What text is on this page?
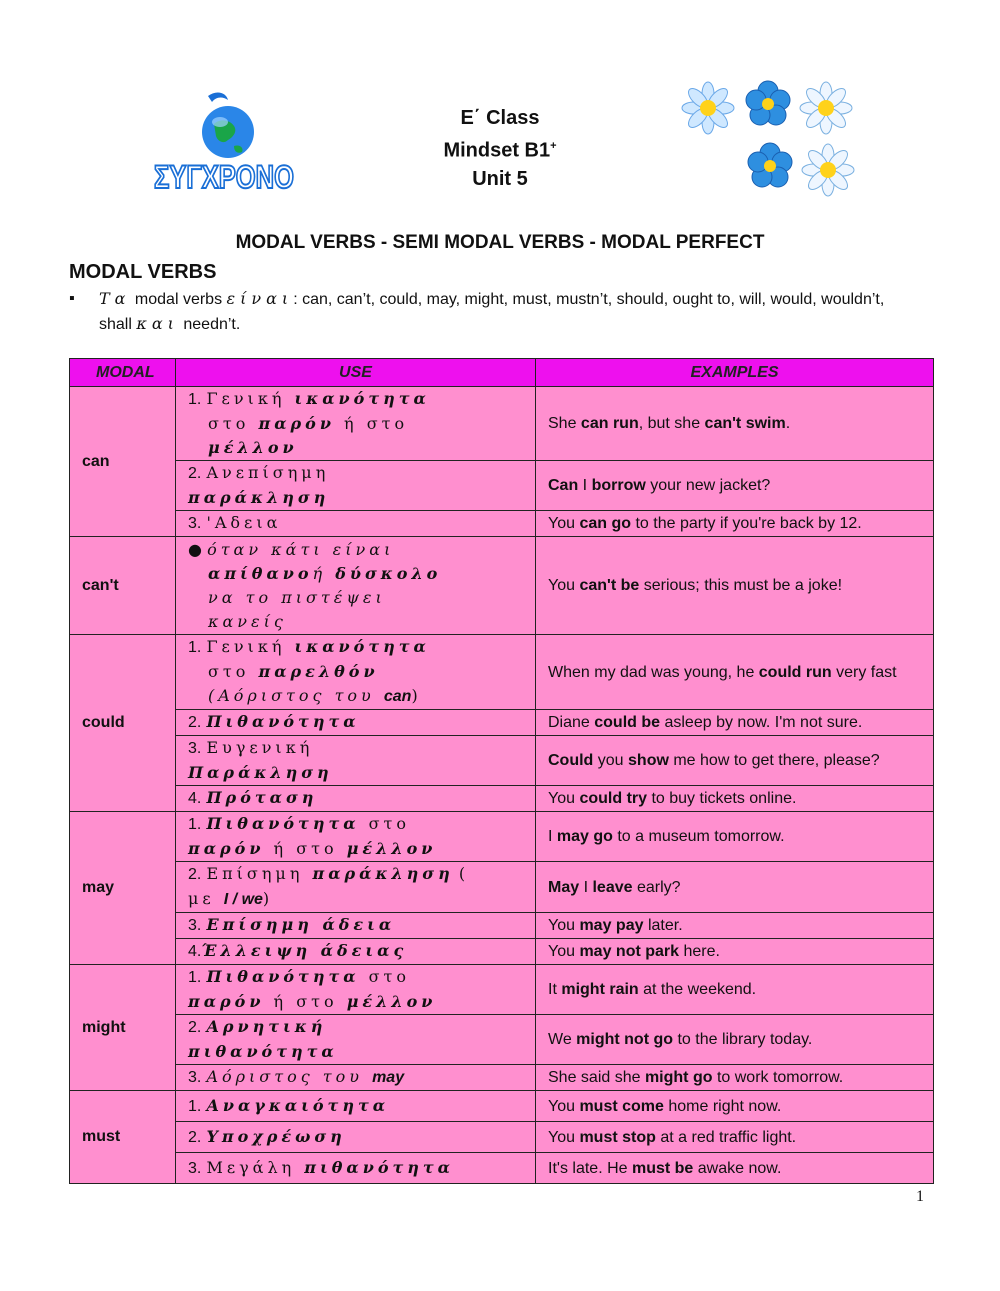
ΣΥΓΧΡΟΝΟ
E΄ Class
Mindset B1+
Unit 5
MODAL VERBS - SEMI MODAL VERBS - MODAL PERFECT
MODAL VERBS
▪ Τα modal verbs είναι: can, can’t, could, may, might, must, mustn’t, should, ought to, will, would, wouldn’t, shall και needn’t.
MODAL	USE	EXAMPLES
can	1. Γενική ικανότητα
στο παρόν ή στο
μέλλον	She can run, but she can't swim.
	2. Ανεπίσημη
παράκληση	Can I borrow your new jacket?
	3. 'Αδεια	You can go to the party if you're back by 12.
can't	● όταν κάτι είναι
απίθανοή δύσκολο
να το πιστέψει
κανείς	You can't be serious; this must be a joke!
could	1. Γενική ικανότητα
στο παρελθόν
(Αόριστος του can)	When my dad was young, he could run very fast
	2. Πιθανότητα	Diane could be asleep by now. I'm not sure.
	3. Ευγενική
Παράκληση	Could you show me how to get there, please?
	4. Πρόταση	You could try to buy tickets online.
may	1. Πιθανότητα στο
παρόν ή στο μέλλον	I may go to a museum tomorrow.
	2. Επίσημη παράκληση (
με I / we)	May I leave early?
	3. Επίσημη άδεια	You may pay later.
	4.Έλλειψη άδειας	You may not park here.
might	1. Πιθανότητα στο
παρόν ή στο μέλλον	It might rain at the weekend.
	2. Αρνητική
πιθανότητα	We might not go to the library today.
	3. Αόριστος του may	She said she might go to work tomorrow.
must	1. Αναγκαιότητα	You must come home right now.
	2. Υποχρέωση	You must stop at a red traffic light.
	3. Μεγάλη πιθανότητα	It's late. He must be awake now.
1
